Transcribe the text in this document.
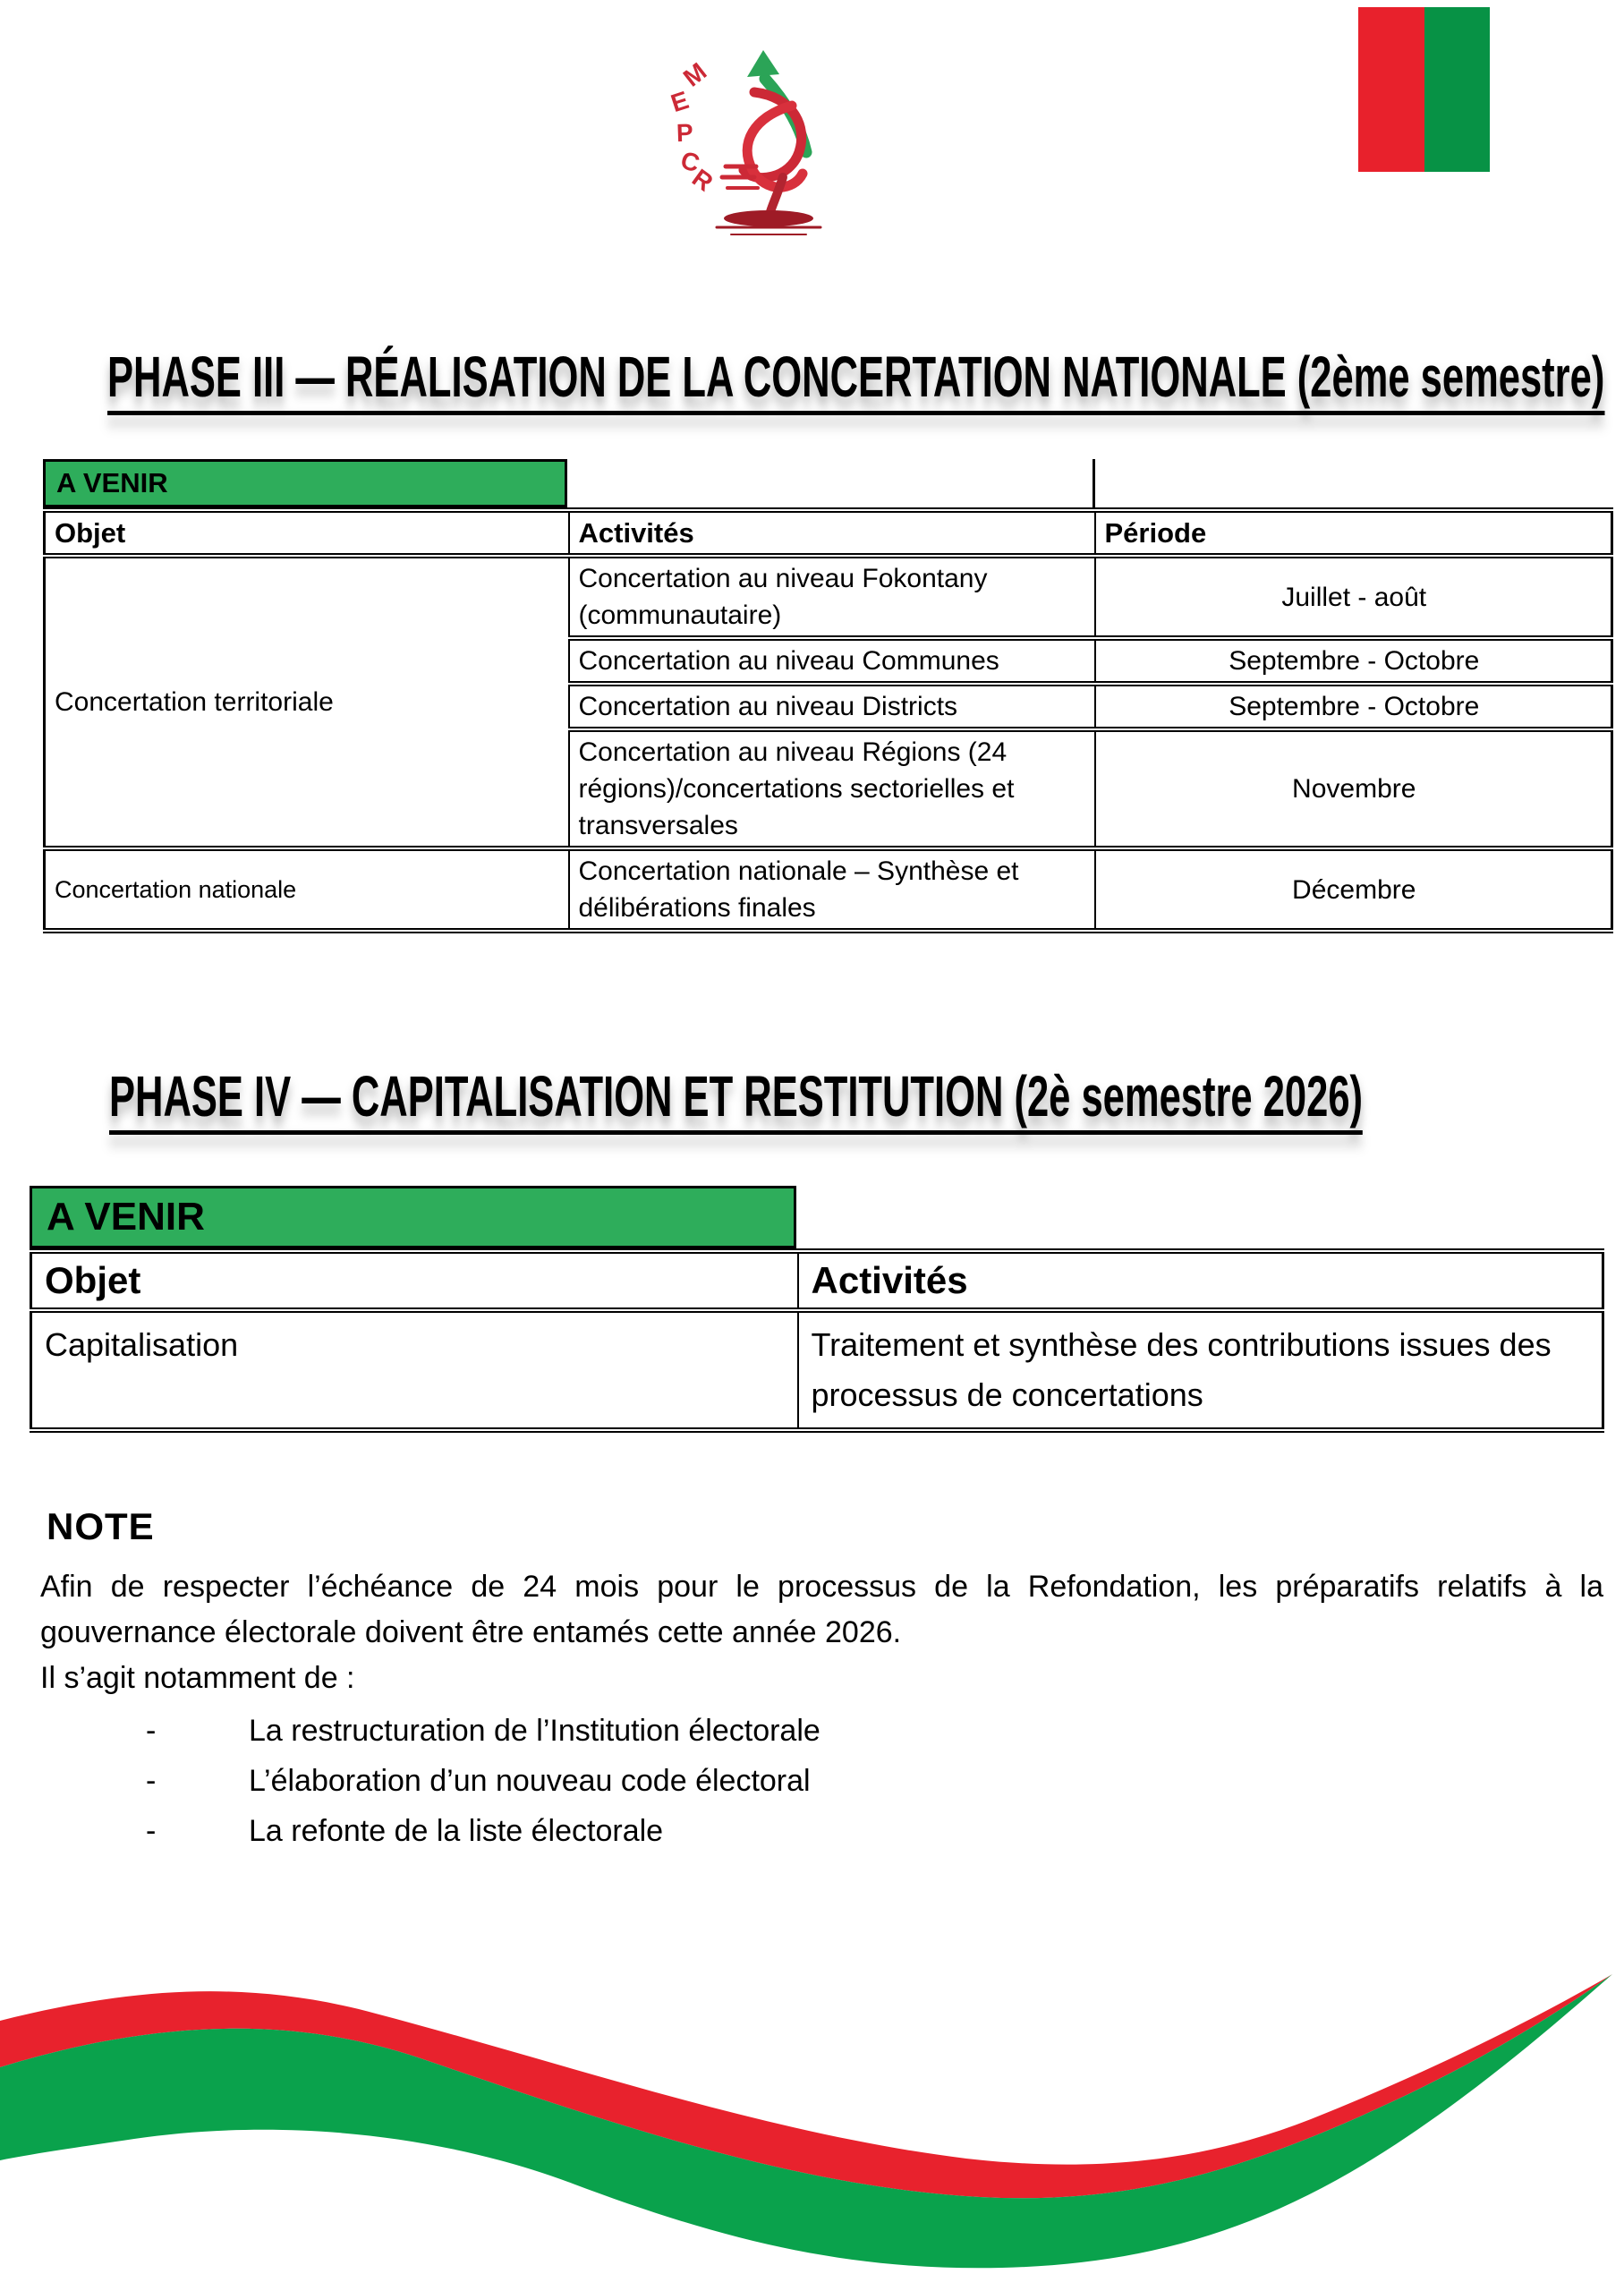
M
E
P
C
R
PHASE III — RÉALISATION DE LA CONCERTATION NATIONALE (2ème semestre)
A VENIR
Objet	Activités	Période
Concertation territoriale	Concertation au niveau Fokontany (communautaire)	Juillet - août
	Concertation au niveau Communes	Septembre - Octobre
	Concertation au niveau Districts	Septembre - Octobre
	Concertation au niveau Régions (24 régions)/concertations sectorielles et transversales	Novembre
Concertation nationale	Concertation nationale – Synthèse et délibérations finales	Décembre
PHASE IV — CAPITALISATION ET RESTITUTION (2è semestre 2026)
A VENIR
Objet	Activités
Capitalisation	Traitement et synthèse des contributions issues des processus de concertations
NOTE

Afin de respecter l’échéance de 24 mois pour le processus de la Refondation, les préparatifs relatifs à la gouvernance électorale doivent être entamés cette année 2026.

Il s’agit notamment de :

-	La restructuration de l’Institution électorale
-	L’élaboration d’un nouveau code électoral
-	La refonte de la liste électorale
